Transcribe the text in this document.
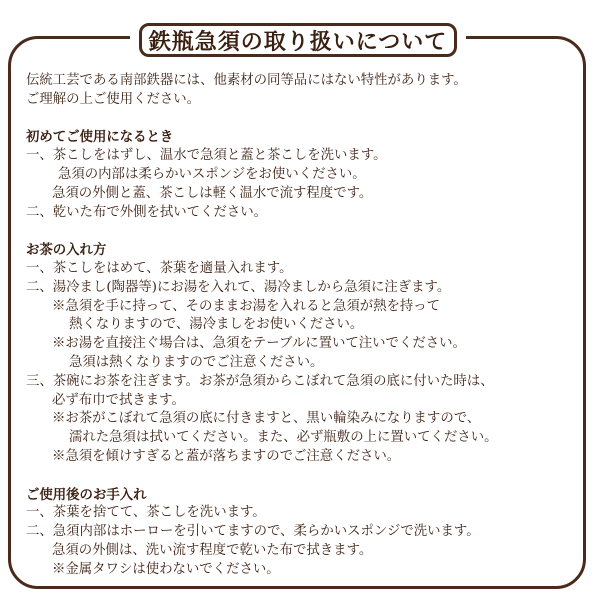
鉄瓶急須の取り扱いについて
伝統工芸である南部鉄器には、他素材の同等品にはない特性があります。
ご理解の上ご使用ください。
初めてご使用になるとき
一、茶こしをはずし、温水で急須と蓋と茶こしを洗います。
急須の内部は柔らかいスポンジをお使いください。
急須の外側と蓋、茶こしは軽く温水で流す程度です。
二、乾いた布で外側を拭いてください。
お茶の入れ方
一、茶こしをはめて、茶葉を適量入れます。
二、湯冷まし(陶器等)にお湯を入れて、湯冷ましから急須に注ぎます。
※急須を手に持って、そのままお湯を入れると急須が熱を持って
熱くなりますので、湯冷ましをお使いください。
※お湯を直接注ぐ場合は、急須をテーブルに置いて注いでください。
急須は熱くなりますのでご注意ください。
三、茶碗にお茶を注ぎます。お茶が急須からこぼれて急須の底に付いた時は、
必ず布巾で拭きます。
※お茶がこぼれて急須の底に付きますと、黒い輪染みになりますので、
濡れた急須は拭いてください。また、必ず瓶敷の上に置いてください。
※急須を傾けすぎると蓋が落ちますのでご注意ください。
ご使用後のお手入れ
一、茶葉を捨てて、茶こしを洗います。
二、急須内部はホーローを引いてますので、柔らかいスポンジで洗います。
急須の外側は、洗い流す程度で乾いた布で拭きます。
※金属タワシは使わないでください。
